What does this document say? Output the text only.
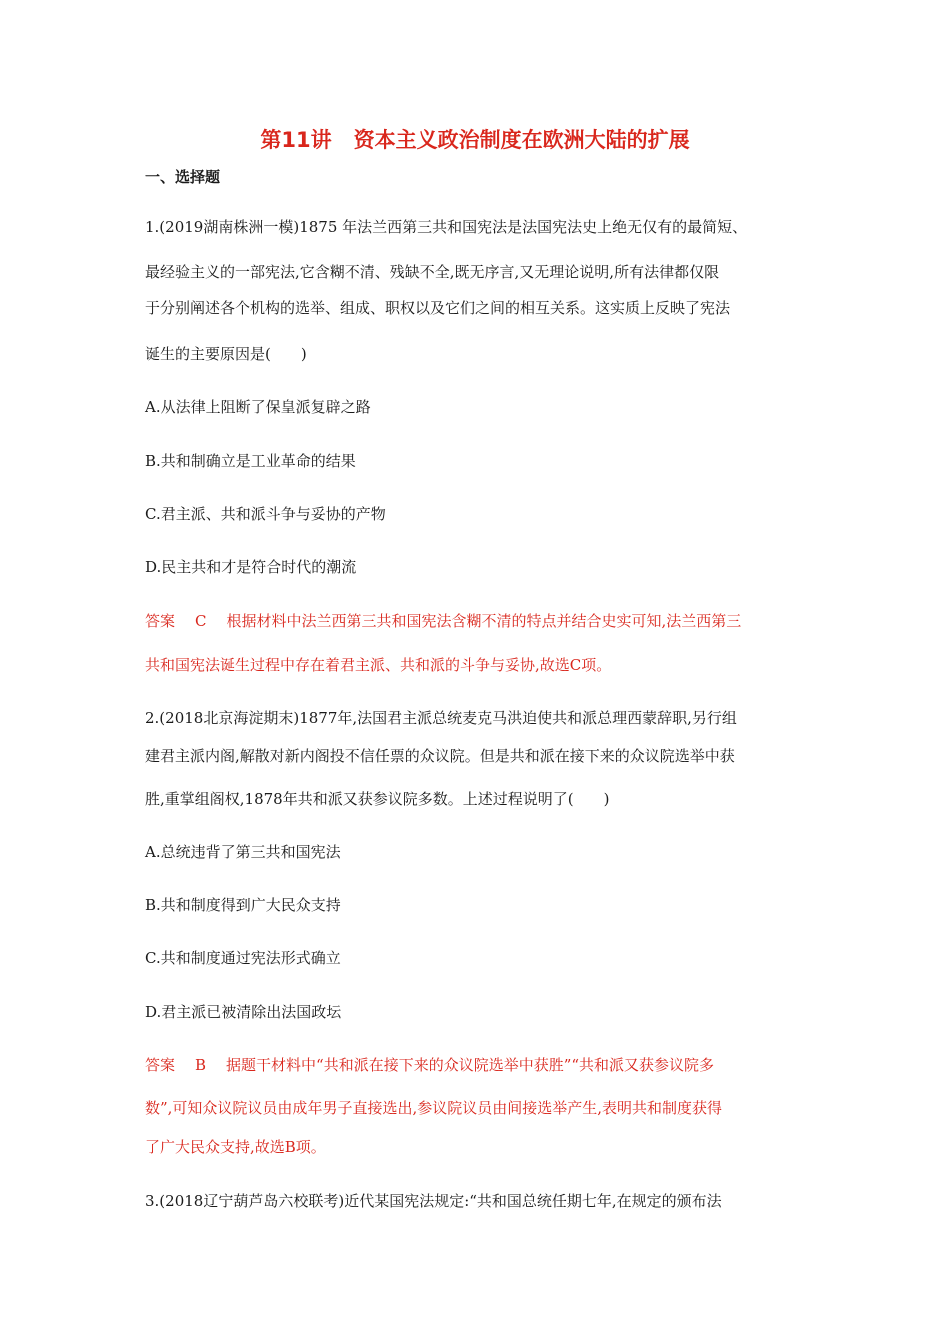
第11讲 资本主义政治制度在欧洲大陆的扩展
一、选择题
1.(2019湖南株洲一模)1875 年法兰西第三共和国宪法是法国宪法史上绝无仅有的最简短、
最经验主义的一部宪法,它含糊不清、残缺不全,既无序言,又无理论说明,所有法律都仅限
于分别阐述各个机构的选举、组成、职权以及它们之间的相互关系。这实质上反映了宪法
诞生的主要原因是(　　)
A.从法律上阻断了保皇派复辟之路
B.共和制确立是工业革命的结果
C.君主派、共和派斗争与妥协的产物
D.民主共和才是符合时代的潮流
答案 C 根据材料中法兰西第三共和国宪法含糊不清的特点并结合史实可知,法兰西第三
共和国宪法诞生过程中存在着君主派、共和派的斗争与妥协,故选C项。
2.(2018北京海淀期末)1877年,法国君主派总统麦克马洪迫使共和派总理西蒙辞职,另行组
建君主派内阁,解散对新内阁投不信任票的众议院。但是共和派在接下来的众议院选举中获
胜,重掌组阁权,1878年共和派又获参议院多数。上述过程说明了(　　)
A.总统违背了第三共和国宪法
B.共和制度得到广大民众支持
C.共和制度通过宪法形式确立
D.君主派已被清除出法国政坛
答案 B 据题干材料中“共和派在接下来的众议院选举中获胜”“共和派又获参议院多
数”,可知众议院议员由成年男子直接选出,参议院议员由间接选举产生,表明共和制度获得
了广大民众支持,故选B项。
3.(2018辽宁葫芦岛六校联考)近代某国宪法规定:“共和国总统任期七年,在规定的颁布法
